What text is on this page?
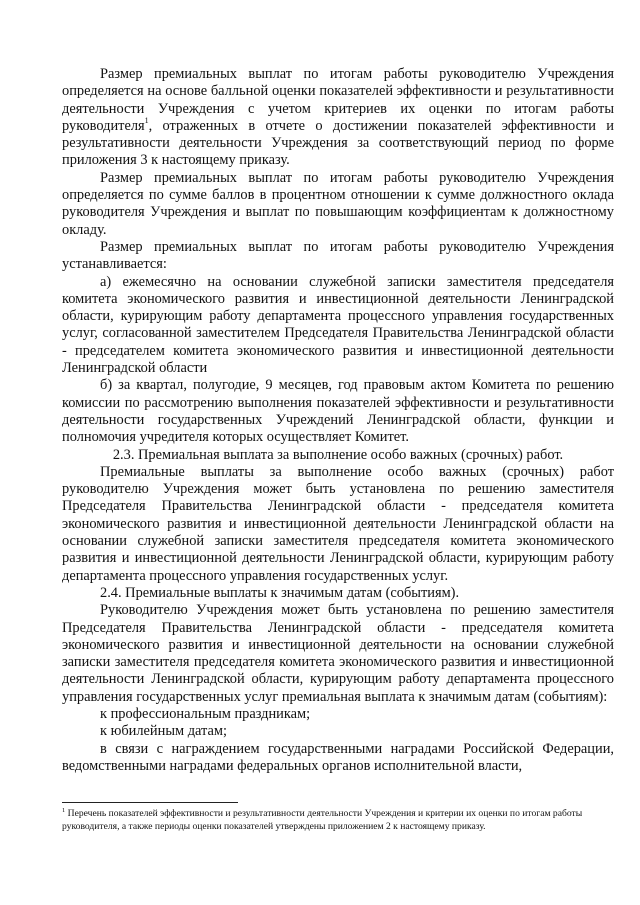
Размер премиальных выплат по итогам работы руководителю Учреждения определяется на основе балльной оценки показателей эффективности и результативности деятельности Учреждения с учетом критериев их оценки по итогам работы руководителя$^1$, отраженных в отчете о достижении показателей эффективности и результативности деятельности Учреждения за соответствующий период по форме приложения 3 к настоящему приказу.

Размер премиальных выплат по итогам работы руководителю Учреждения определяется по сумме баллов в процентном отношении к сумме должностного оклада руководителя Учреждения и выплат по повышающим коэффициентам к должностному окладу.

Размер премиальных выплат по итогам работы руководителю Учреждения устанавливается:

а) ежемесячно на основании служебной записки заместителя председателя комитета экономического развития и инвестиционной деятельности Ленинградской области, курирующим работу департамента процессного управления государственных услуг, согласованной заместителем Председателя Правительства Ленинградской области - председателем комитета экономического развития и инвестиционной деятельности Ленинградской области

б) за квартал, полугодие, 9 месяцев, год правовым актом Комитета по решению комиссии по рассмотрению выполнения показателей эффективности и результативности деятельности государственных Учреждений Ленинградской области, функции и полномочия учредителя которых осуществляет Комитет.

2.3. Премиальная выплата за выполнение особо важных (срочных) работ.

Премиальные выплаты за выполнение особо важных (срочных) работ руководителю Учреждения может быть установлена по решению заместителя Председателя Правительства Ленинградской области - председателя комитета экономического развития и инвестиционной деятельности Ленинградской области на основании служебной записки заместителя председателя комитета экономического развития и инвестиционной деятельности Ленинградской области, курирующим работу департамента процессного управления государственных услуг.

2.4. Премиальные выплаты к значимым датам (событиям).

Руководителю Учреждения может быть установлена по решению заместителя Председателя Правительства Ленинградской области - председателя комитета экономического развития и инвестиционной деятельности на основании служебной записки заместителя председателя комитета экономического развития и инвестиционной деятельности Ленинградской области, курирующим работу департамента процессного управления государственных услуг премиальная выплата к значимым датам (событиям):

к профессиональным праздникам;

к юбилейным датам;

в связи с награждением государственными наградами Российской Федерации, ведомственными наградами федеральных органов исполнительной власти,

$^1$ Перечень показателей эффективности и результативности деятельности Учреждения и критерии их оценки по итогам работы руководителя, а также периоды оценки показателей утверждены приложением 2 к настоящему приказу.
